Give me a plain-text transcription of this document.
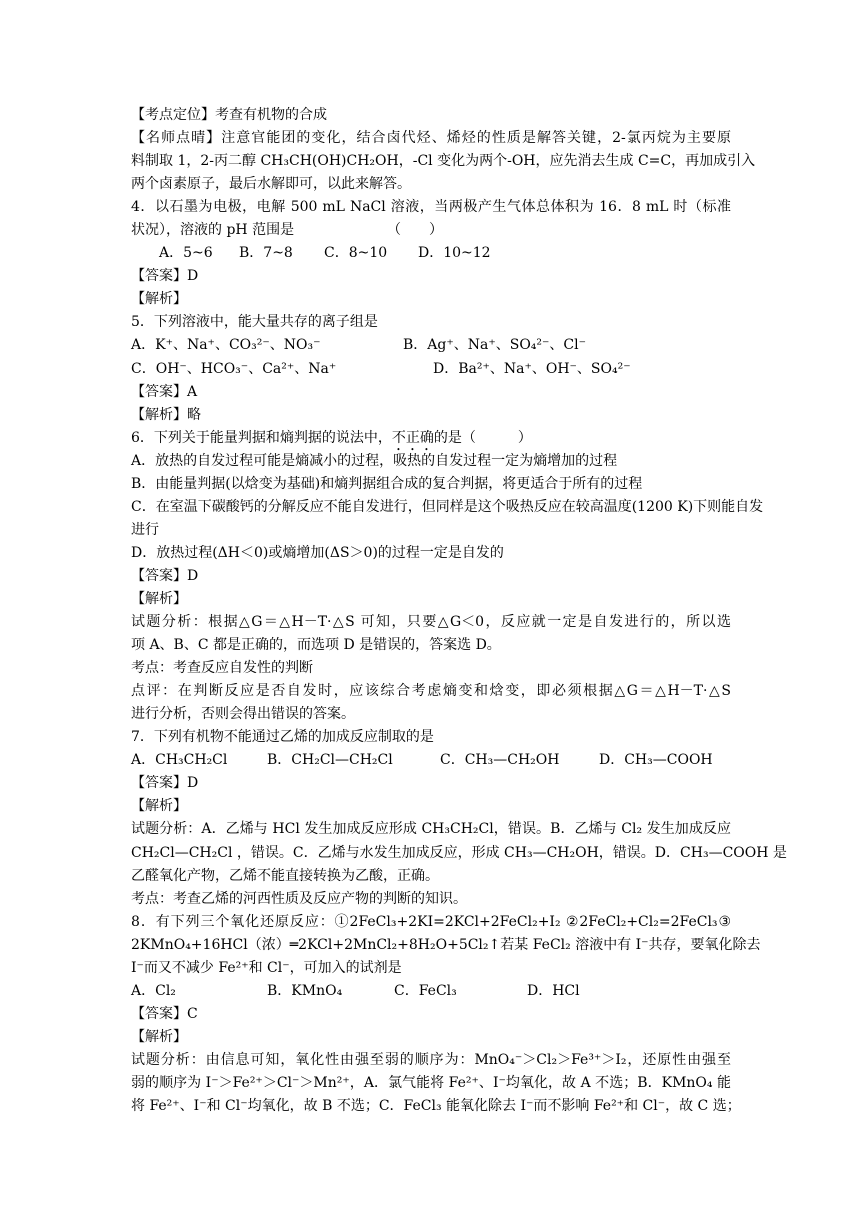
【考点定位】考查有机物的合成
【名师点晴】注意官能团的变化，结合卤代烃、烯烃的性质是解答关键，2-氯丙烷为主要原
料制取 1，2-丙二醇 CH₃CH(OH)CH₂OH，-Cl 变化为两个-OH，应先消去生成 C=C，再加成引入
两个卤素原子，最后水解即可，以此来解答。
4．以石墨为电极，电解 500 mL NaCl 溶液，当两极产生气体总体积为 16．8 mL 时（标准
状况），溶液的 pH 范围是	（　　）
A．5~6 B．7~8 C．8~10 D．10~12
【答案】D
【解析】
5．下列溶液中，能大量共存的离子组是
A．K⁺、Na⁺、CO₃²⁻、NO₃⁻	B．Ag⁺、Na⁺、SO₄²⁻、Cl⁻
C．OH⁻、HCO₃⁻、Ca²⁺、Na⁺	D．Ba²⁺、Na⁺、OH⁻、SO₄²⁻
【答案】A
【解析】略
6．下列关于能量判据和熵判据的说法中，不正确的是（　　　）
A．放热的自发过程可能是熵减小的过程，吸热的自发过程一定为熵增加的过程
B．由能量判据(以焓变为基础)和熵判据组合成的复合判据，将更适合于所有的过程
C．在室温下碳酸钙的分解反应不能自发进行，但同样是这个吸热反应在较高温度(1200 K)下则能自发
进行
D．放热过程(ΔH＜0)或熵增加(ΔS＞0)的过程一定是自发的
【答案】D
【解析】
试题分析：根据△G＝△H－T·△S 可知，只要△G＜0，反应就一定是自发进行的，所以选
项 A、B、C 都是正确的，而选项 D 是错误的，答案选 D。
考点：考查反应自发性的判断
点评：在判断反应是否自发时，应该综合考虑熵变和焓变，即必须根据△G＝△H－T·△S
进行分析，否则会得出错误的答案。
7．下列有机物不能通过乙烯的加成反应制取的是
A．CH₃CH₂Cl	B．CH₂Cl—CH₂Cl	C．CH₃—CH₂OH	D．CH₃—COOH
【答案】D
【解析】
试题分析：A．乙烯与 HCl 发生加成反应形成 CH₃CH₂Cl，错误。B．乙烯与 Cl₂ 发生加成反应
CH₂Cl—CH₂Cl ，错误。C．乙烯与水发生加成反应，形成 CH₃—CH₂OH，错误。D．CH₃—COOH 是
乙醛氧化产物，乙烯不能直接转换为乙酸，正确。
考点：考查乙烯的河西性质及反应产物的判断的知识。
8．有下列三个氧化还原反应：①2FeCl₃+2KI=2KCl+2FeCl₂+I₂ ②2FeCl₂+Cl₂=2FeCl₃③
2KMnO₄+16HCl（浓）═2KCl+2MnCl₂+8H₂O+5Cl₂↑若某 FeCl₂ 溶液中有 I⁻共存，要氧化除去
I⁻而又不减少 Fe²⁺和 Cl⁻，可加入的试剂是
A．Cl₂	B．KMnO₄	C．FeCl₃	D．HCl
【答案】C
【解析】
试题分析：由信息可知，氧化性由强至弱的顺序为：MnO₄⁻＞Cl₂＞Fe³⁺＞I₂，还原性由强至
弱的顺序为 I⁻＞Fe²⁺＞Cl⁻＞Mn²⁺，A．氯气能将 Fe²⁺、I⁻均氧化，故 A 不选；B．KMnO₄ 能
将 Fe²⁺、I⁻和 Cl⁻均氧化，故 B 不选；C．FeCl₃ 能氧化除去 I⁻而不影响 Fe²⁺和 Cl⁻，故 C 选；
